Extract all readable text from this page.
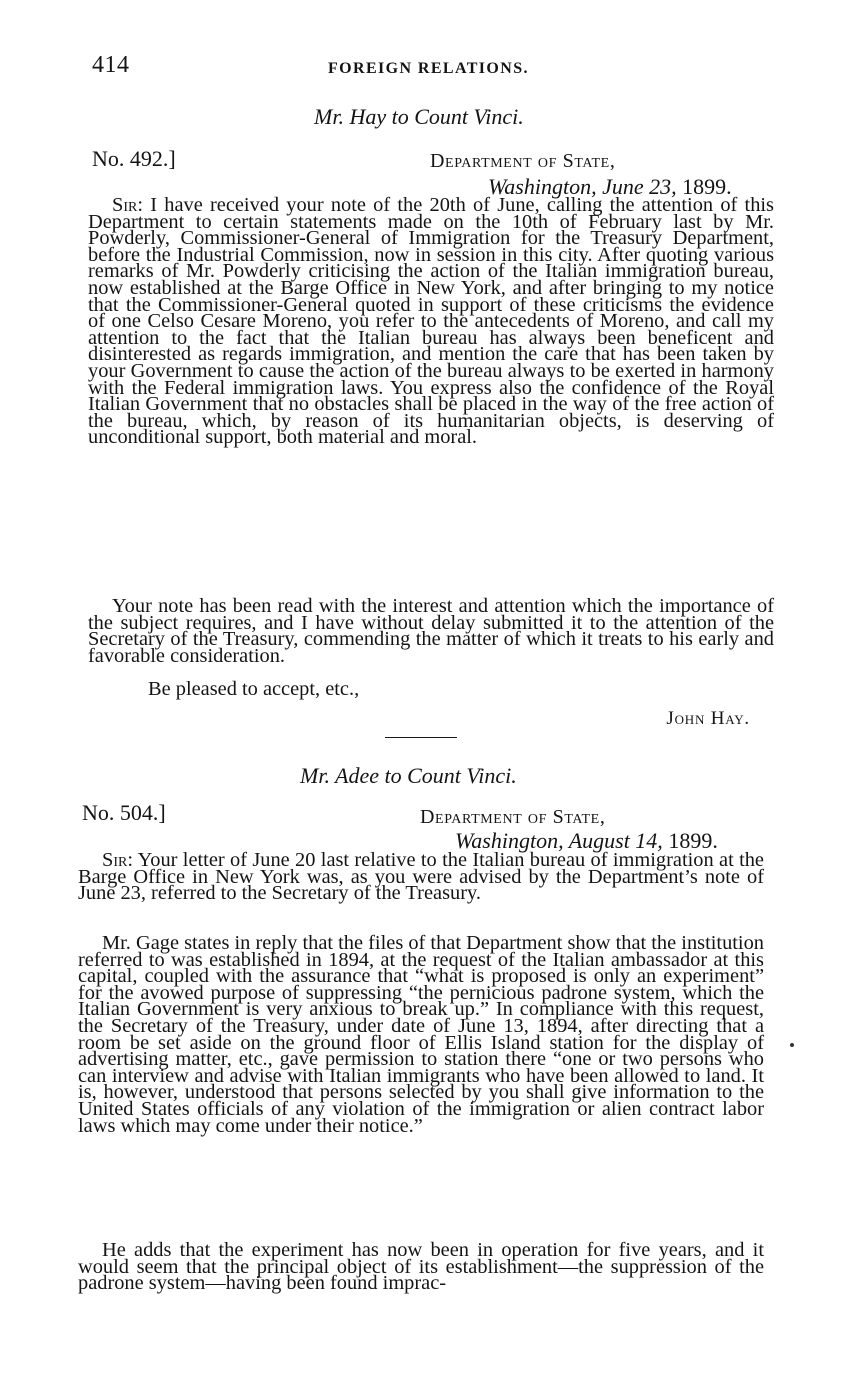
414	FOREIGN RELATIONS.
Mr. Hay to Count Vinci.
No. 492.]	Department of State,
Washington, June 23, 1899.

Sir: I have received your note of the 20th of June, calling the attention of this Department to certain statements made on the 10th of February last by Mr. Powderly, Commissioner-General of Immigration for the Treasury Department, before the Industrial Commission, now in session in this city. After quoting various remarks of Mr. Powderly criticising the action of the Italian immigration bureau, now established at the Barge Office in New York, and after bringing to my notice that the Commissioner-General quoted in support of these criticisms the evidence of one Celso Cesare Moreno, you refer to the antecedents of Moreno, and call my attention to the fact that the Italian bureau has always been beneficent and disinterested as regards immigration, and mention the care that has been taken by your Government to cause the action of the bureau always to be exerted in harmony with the Federal immigration laws. You express also the confidence of the Royal Italian Government that no obstacles shall be placed in the way of the free action of the bureau, which, by reason of its humanitarian objects, is deserving of unconditional support, both material and moral.

Your note has been read with the interest and attention which the importance of the subject requires, and I have without delay submitted it to the attention of the Secretary of the Treasury, commending the matter of which it treats to his early and favorable consideration.

Be pleased to accept, etc.,
John Hay.
Mr. Adee to Count Vinci.
No. 504.]	Department of State,
Washington, August 14, 1899.

Sir: Your letter of June 20 last relative to the Italian bureau of immigration at the Barge Office in New York was, as you were advised by the Department’s note of June 23, referred to the Secretary of the Treasury.

Mr. Gage states in reply that the files of that Department show that the institution referred to was established in 1894, at the request of the Italian ambassador at this capital, coupled with the assurance that “what is proposed is only an experiment” for the avowed purpose of suppressing “the pernicious padrone system, which the Italian Government is very anxious to break up.” In compliance with this request, the Secretary of the Treasury, under date of June 13, 1894, after directing that a room be set aside on the ground floor of Ellis Island station for the display of advertising matter, etc., gave permission to station there “one or two persons who can interview and advise with Italian immigrants who have been allowed to land. It is, however, understood that persons selected by you shall give information to the United States officials of any violation of the immigration or alien contract labor laws which may come under their notice.”

He adds that the experiment has now been in operation for five years, and it would seem that the principal object of its establishment—the suppression of the padrone system—having been found imprac-
